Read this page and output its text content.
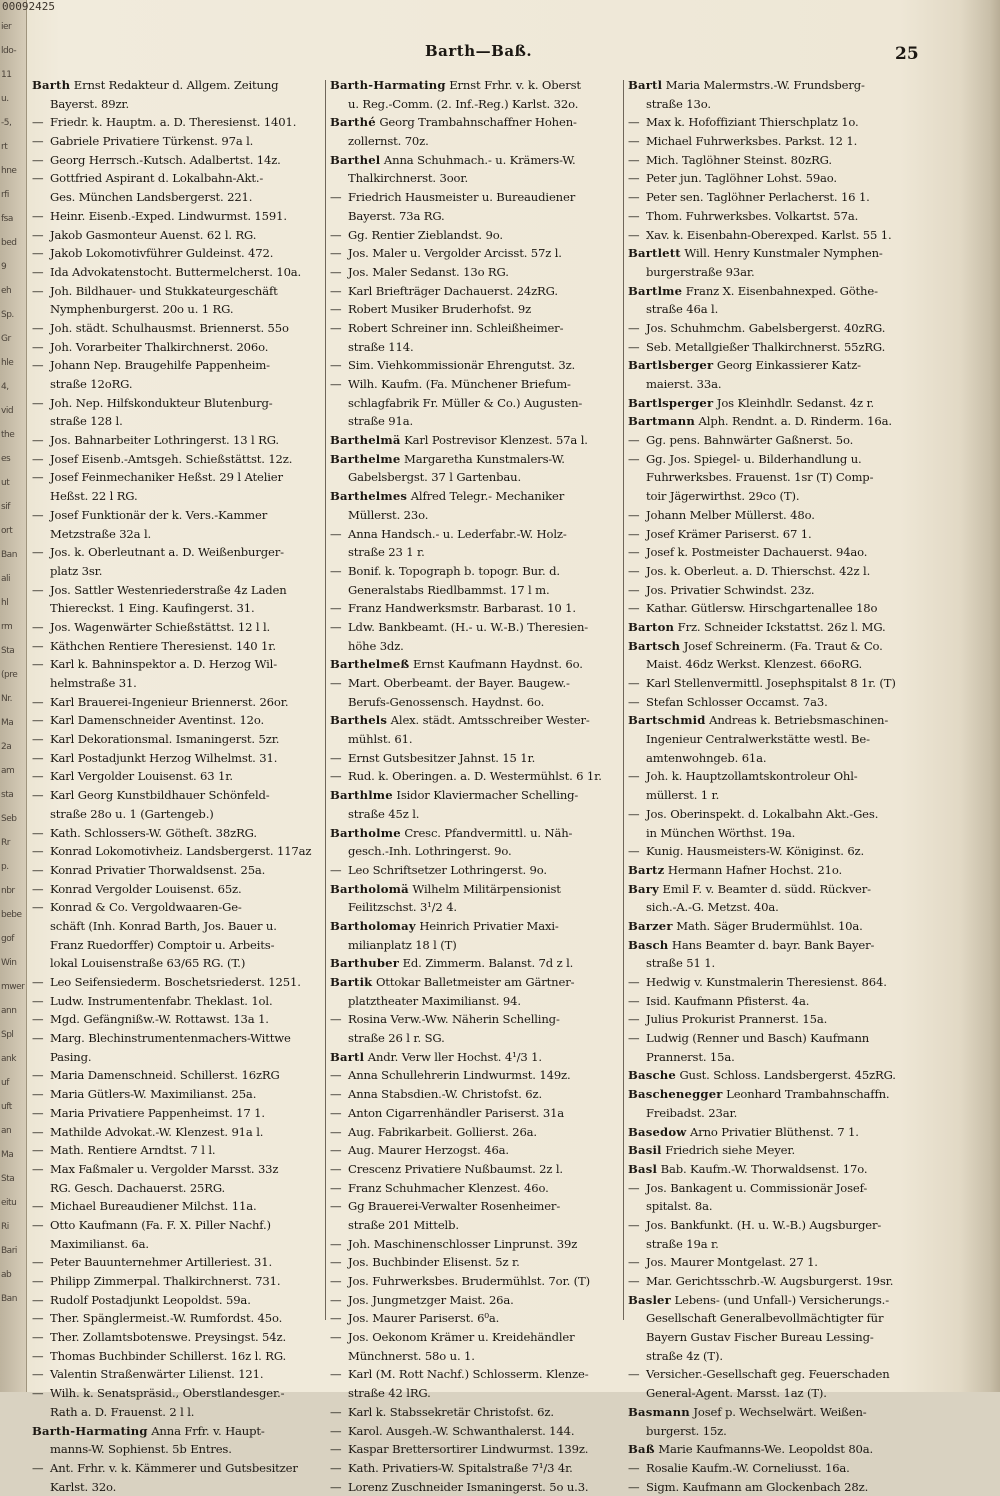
ier
ldo-
11
u.
-5,
rt
hne
rfi
fsa
bed
9
eh
Sp.
Gr
hle
4,
vid
the
es
ut
sif
ort
Ban
ali
hl
rm
Sta
(pre
Nr.
Ma
2a
am
sta
Seb
Rr
p.
nbr
bebe
gof
Win
mwer
ann
Spl
ank
uf
uft
an
Ma
Sta
eitu
Ri
Bari
ab
Ban
00092425
Barth—Baß.	25
Barth Ernst Redakteur d. Allgem. Zeitung
Bayerst. 89zr.
— Friedr. k. Hauptm. a. D. Theresienst. 1401.
— Gabriele Privatiere Türkenst. 97a l.
— Georg Herrsch.-Kutsch. Adalbertst. 14z.
— Gottfried Aspirant d. Lokalbahn-Akt.-
Ges. München Landsbergerst. 221.
— Heinr. Eisenb.-Exped. Lindwurmst. 1591.
— Jakob Gasmonteur Auenst. 62 l. RG.
— Jakob Lokomotivführer Guldeinst. 472.
— Ida Advokatenstocht. Buttermelcherst. 10a.
— Joh. Bildhauer- und Stukkateurgeschäft
Nymphenburgerst. 20o u. 1 RG.
— Joh. städt. Schulhausmst. Briennerst. 55o
— Joh. Vorarbeiter Thalkirchnerst. 206o.
— Johann Nep. Braugehilfe Pappenheim-
straße 12oRG.
— Joh. Nep. Hilfskondukteur Blutenburg-
straße 128 l.
— Jos. Bahnarbeiter Lothringerst. 13 l RG.
— Josef Eisenb.-Amtsgeh. Schießstättst. 12z.
— Josef Feinmechaniker Heßst. 29 l Atelier
Heßst. 22 l RG.
— Josef Funktionär der k. Vers.-Kammer
Metzstraße 32a l.
— Jos. k. Oberleutnant a. D. Weißenburger-
platz 3sr.
— Jos. Sattler Westenriederstraße 4z Laden
Thiereckst. 1 Eing. Kaufingerst. 31.
— Jos. Wagenwärter Schießstättst. 12 l l.
— Käthchen Rentiere Theresienst. 140 1r.
— Karl k. Bahninspektor a. D. Herzog Wil-
helmstraße 31.
— Karl Brauerei-Ingenieur Briennerst. 26or.
— Karl Damenschneider Aventinst. 12o.
— Karl Dekorationsmal. Ismaningerst. 5zr.
— Karl Postadjunkt Herzog Wilhelmst. 31.
— Karl Vergolder Louisenst. 63 1r.
— Karl Georg Kunstbildhauer Schönfeld-
straße 28o u. 1 (Gartengeb.)
— Kath. Schlossers-W. Götheſt. 38zRG.
— Konrad Lokomotivheiz. Landsbergerst. 117az
— Konrad Privatier Thorwaldsenst. 25a.
— Konrad Vergolder Louisenst. 65z.
— Konrad & Co. Vergoldwaaren-Ge-
schäft (Inh. Konrad Barth, Jos. Bauer u.
Franz Ruedorffer) Comptoir u. Arbeits-
lokal Louisenstraße 63/65 RG. (T.)
— Leo Seifensiederm. Boschetsriederst. 1251.
— Ludw. Instrumentenfabr. Theklast. 1ol.
— Mgd. Gefängnißw.-W. Rottawst. 13a 1.
— Marg. Blechinstrumentenmachers-Wittwe
Pasing.
— Maria Damenschneid. Schillerst. 16zRG
— Maria Gütlers-W. Maximilianst. 25a.
— Maria Privatiere Pappenheimst. 17 1.
— Mathilde Advokat.-W. Klenzest. 91a l.
— Math. Rentiere Arndtst. 7 l l.
— Max Faßmaler u. Vergolder Marsst. 33z
RG. Gesch. Dachauerst. 25RG.
— Michael Bureaudiener Milchst. 11a.
— Otto Kaufmann (Fa. F. X. Piller Nachf.)
Maximilianst. 6a.
— Peter Bauunternehmer Artilleriest. 31.
— Philipp Zimmerpal. Thalkirchnerst. 731.
— Rudolf Postadjunkt Leopoldst. 59a.
— Ther. Spänglermeist.-W. Rumfordst. 45o.
— Ther. Zollamtsbotenswe. Preysingst. 54z.
— Thomas Buchbinder Schillerst. 16z l. RG.
— Valentin Straßenwärter Lilienst. 121.
— Wilh. k. Senatspräsid., Oberstlandesger.-
Rath a. D. Frauenst. 2 l l.
Barth-Harmating Anna Frfr. v. Haupt-
manns-W. Sophienst. 5b Entres.
— Ant. Frhr. v. k. Kämmerer und Gutsbesitzer
Karlst. 32o.
Barth-Harmating Ernst Frhr. v. k. Oberst
u. Reg.-Comm. (2. Inf.-Reg.) Karlst. 32o.
Barthé Georg Trambahnschaffner Hohen-
zollernst. 70z.
Barthel Anna Schuhmach.- u. Krämers-W.
Thalkirchnerst. 3oor.
— Friedrich Hausmeister u. Bureaudiener
Bayerst. 73a RG.
— Gg. Rentier Zieblandst. 9o.
— Jos. Maler u. Vergolder Arcisst. 57z l.
— Jos. Maler Sedanst. 13o RG.
— Karl Briefträger Dachauerst. 24zRG.
— Robert Musiker Bruderhofst. 9z
— Robert Schreiner inn. Schleißheimer-
straße 114.
— Sim. Viehkommissionär Ehrengutst. 3z.
— Wilh. Kaufm. (Fa. Münchener Briefum-
schlagfabrik Fr. Müller & Co.) Augusten-
straße 91a.
Barthelmä Karl Postrevisor Klenzest. 57a l.
Barthelme Margaretha Kunstmalers-W.
Gabelsbergst. 37 l Gartenbau.
Barthelmes Alfred Telegr.- Mechaniker
Müllerst. 23o.
— Anna Handsch.- u. Lederfabr.-W. Holz-
straße 23 1 r.
— Bonif. k. Topograph b. topogr. Bur. d.
Generalstabs Riedlbammst. 17 l m.
— Franz Handwerksmstr. Barbarast. 10 1.
— Ldw. Bankbeamt. (H.- u. W.-B.) Theresien-
höhe 3dz.
Barthelmeß Ernst Kaufmann Haydnst. 6o.
— Mart. Oberbeamt. der Bayer. Baugew.-
Berufs-Genossensch. Haydnst. 6o.
Barthels Alex. städt. Amtsschreiber Wester-
mühlst. 61.
— Ernst Gutsbesitzer Jahnst. 15 1r.
— Rud. k. Oberingen. a. D. Westermühlst. 6 1r.
Barthlme Isidor Klaviermacher Schelling-
straße 45z l.
Bartholme Cresc. Pfandvermittl. u. Näh-
gesch.-Inh. Lothringerst. 9o.
— Leo Schriftsetzer Lothringerst. 9o.
Bartholomä Wilhelm Militärpensionist
Feilitzschst. 3¹/2 4.
Bartholomay Heinrich Privatier Maxi-
milianplatz 18 l (T)
Barthuber Ed. Zimmerm. Balanst. 7d z l.
Bartik Ottokar Balletmeister am Gärtner-
platztheater Maximilianst. 94.
— Rosina Verw.-Ww. Näherin Schelling-
straße 26 l r. SG.
Bartl Andr. Verw ller Hochst. 4¹/3 1.
— Anna Schullehrerin Lindwurmst. 149z.
— Anna Stabsdien.-W. Christofst. 6z.
— Anton Cigarrenhändler Pariserst. 31a
— Aug. Fabrikarbeit. Gollierst. 26a.
— Aug. Maurer Herzogst. 46a.
— Crescenz Privatiere Nußbaumst. 2z l.
— Franz Schuhmacher Klenzest. 46o.
— Gg Brauerei-Verwalter Rosenheimer-
straße 201 Mittelb.
— Joh. Maschinenschlosser Linprunst. 39z
— Jos. Buchbinder Elisenst. 5z r.
— Jos. Fuhrwerksbes. Brudermühlst. 7or. (T)
— Jos. Jungmetzger Maist. 26a.
— Jos. Maurer Pariserst. 6⁰a.
— Jos. Oekonom Krämer u. Kreidehändler
Münchnerst. 58o u. 1.
— Karl (M. Rott Nachf.) Schlosserm. Klenze-
straße 42 lRG.
— Karl k. Stabssekretär Christofst. 6z.
— Karol. Ausgeh.-W. Schwanthalerst. 144.
— Kaspar Brettersortirer Lindwurmst. 139z.
— Kath. Privatiers-W. Spitalstraße 7¹/3 4r.
— Lorenz Zuschneider Ismaningerst. 5o u.3.
Bartl Maria Malermstrs.-W. Frundsberg-
straße 13o.
— Max k. Hofoffiziant Thierschplatz 1o.
— Michael Fuhrwerksbes. Parkst. 12 1.
— Mich. Taglöhner Steinst. 80zRG.
— Peter jun. Taglöhner Lohst. 59ao.
— Peter sen. Taglöhner Perlacherst. 16 1.
— Thom. Fuhrwerksbes. Volkartst. 57a.
— Xav. k. Eisenbahn-Oberexped. Karlst. 55 1.
Bartlett Will. Henry Kunstmaler Nymphen-
burgerstraße 93ar.
Bartlme Franz X. Eisenbahnexped. Göthe-
straße 46a l.
— Jos. Schuhmchm. Gabelsbergerst. 40zRG.
— Seb. Metallgießer Thalkirchnerst. 55zRG.
Bartlsberger Georg Einkassierer Katz-
maierst. 33a.
Bartlsperger Jos Kleinhdlr. Sedanst. 4z r.
Bartmann Alph. Rendnt. a. D. Rinderm. 16a.
— Gg. pens. Bahnwärter Gaßnerst. 5o.
— Gg. Jos. Spiegel- u. Bilderhandlung u.
Fuhrwerksbes. Frauenst. 1sr (T) Comp-
toir Jägerwirthst. 29co (T).
— Johann Melber Müllerst. 48o.
— Josef Krämer Pariserst. 67 1.
— Josef k. Postmeister Dachauerst. 94ao.
— Jos. k. Oberleut. a. D. Thierschst. 42z l.
— Jos. Privatier Schwindst. 23z.
— Kathar. Gütlersw. Hirschgartenallee 18o
Barton Frz. Schneider Ickstattst. 26z l. MG.
Bartsch Josef Schreinerm. (Fa. Traut & Co.
Maist. 46dz Werkst. Klenzest. 66oRG.
— Karl Stellenvermittl. Josephspitalst 8 1r. (T)
— Stefan Schlosser Occamst. 7a3.
Bartschmid Andreas k. Betriebsmaschinen-
Ingenieur Centralwerkstätte westl. Be-
amtenwohngeb. 61a.
— Joh. k. Hauptzollamtskontroleur Ohl-
müllerst. 1 r.
— Jos. Oberinspekt. d. Lokalbahn Akt.-Ges.
in München Wörthst. 19a.
— Kunig. Hausmeisters-W. Königinst. 6z.
Bartz Hermann Hafner Hochst. 21o.
Bary Emil F. v. Beamter d. südd. Rückver-
sich.-A.-G. Metzst. 40a.
Barzer Math. Säger Brudermühlst. 10a.
Basch Hans Beamter d. bayr. Bank Bayer-
straße 51 1.
— Hedwig v. Kunstmalerin Theresienst. 864.
— Isid. Kaufmann Pfisterst. 4a.
— Julius Prokurist Prannerst. 15a.
— Ludwig (Renner und Basch) Kaufmann
Prannerst. 15a.
Basche Gust. Schloss. Landsbergerst. 45zRG.
Baschenegger Leonhard Trambahnschaffn.
Freibadst. 23ar.
Basedow Arno Privatier Blüthenst. 7 1.
Basil Friedrich siehe Meyer.
Basl Bab. Kaufm.-W. Thorwaldsenst. 17o.
— Jos. Bankagent u. Commissionär Josef-
spitalst. 8a.
— Jos. Bankfunkt. (H. u. W.-B.) Augsburger-
straße 19a r.
— Jos. Maurer Montgelast. 27 1.
— Mar. Gerichtsschrb.-W. Augsburgerst. 19sr.
Basler Lebens- (und Unfall-) Versicherungs.-
Gesellschaft Generalbevollmächtigter für
Bayern Gustav Fischer Bureau Lessing-
straße 4z (T).
— Versicher.-Gesellschaft geg. Feuerschaden
General-Agent. Marsst. 1az (T).
Basmann Josef p. Wechselwärt. Weißen-
burgerst. 15z.
Baß Marie Kaufmanns-We. Leopoldst 80a.
— Rosalie Kaufm.-W. Corneliusst. 16a.
— Sigm. Kaufmann am Glockenbach 28z.
